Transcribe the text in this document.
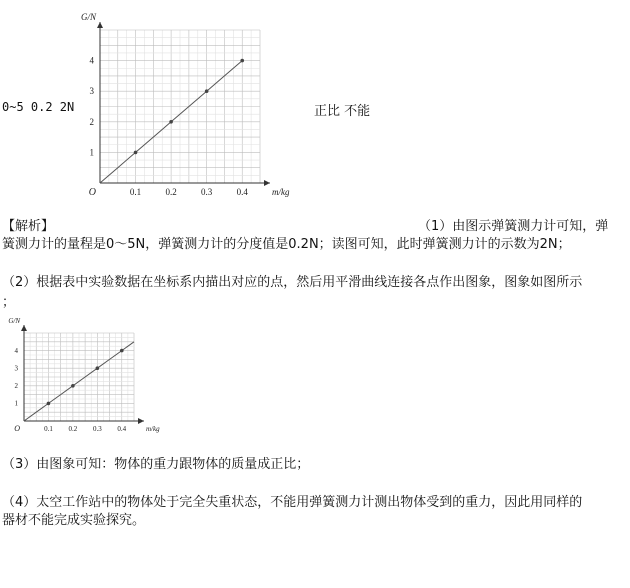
0~5 0.2 2N	正比 不能
0.1	0.2	0.3	0.4
1
2
3
4
O	m/kg
G/N
【解析】	（1）由图示弹簧测力计可知，弹
簧测力计的量程是0～5N，弹簧测力计的分度值是0.2N；读图可知，此时弹簧测力计的示数为2N；
（2）根据表中实验数据在坐标系内描出对应的点，然后用平滑曲线连接各点作出图象，图象如图所示
；
0.1 0.2 0.3 0.4
1
2
3
4
O	m/kg
G/N
（3）由图象可知：物体的重力跟物体的质量成正比；
（4）太空工作站中的物体处于完全失重状态，不能用弹簧测力计测出物体受到的重力，因此用同样的
器材不能完成实验探究。
